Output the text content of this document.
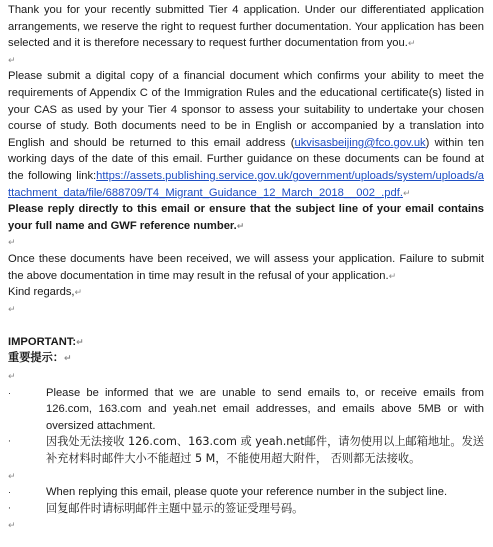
Thank you for your recently submitted Tier 4 application. Under our differentiated application arrangements, we reserve the right to request further documentation. Your application has been selected and it is therefore necessary to request further documentation from you.↵

↵

Please submit a digital copy of a financial document which confirms your ability to meet the requirements of Appendix C of the Immigration Rules and the educational certificate(s) listed in your CAS as used by your Tier 4 sponsor to assess your suitability to undertake your chosen course of study. Both documents need to be in English or accompanied by a translation into English and should be returned to this email address (ukvisasbeijing@fco.gov.uk) within ten working days of the date of this email. Further guidance on these documents can be found at the following link:https://assets.publishing.service.gov.uk/government/uploads/system/uploads/attachment_data/file/688709/T4_Migrant_Guidance_12_March_2018__002_.pdf.↵

Please reply directly to this email or ensure that the subject line of your email contains your full name and GWF reference number.↵

↵

Once these documents have been received, we will assess your application. Failure to submit the above documentation in time may result in the refusal of your application.↵

Kind regards,↵

↵

IMPORTANT:↵

重要提示：↵

↵
·	Please be informed that we are unable to send emails to, or receive emails from 126.com, 163.com and yeah.net email addresses, and emails above 5MB or with oversized attachment.
·	因我处无法接收 126.com、163.com 或 yeah.net邮件，请勿使用以上邮箱地址。发送补充材料时邮件大小不能超过 5 M，不能使用超大附件， 否则都无法接收。
↵
·	When replying this email, please quote your reference number in the subject line.
·	回复邮件时请标明邮件主题中显示的签证受理号码。
↵
